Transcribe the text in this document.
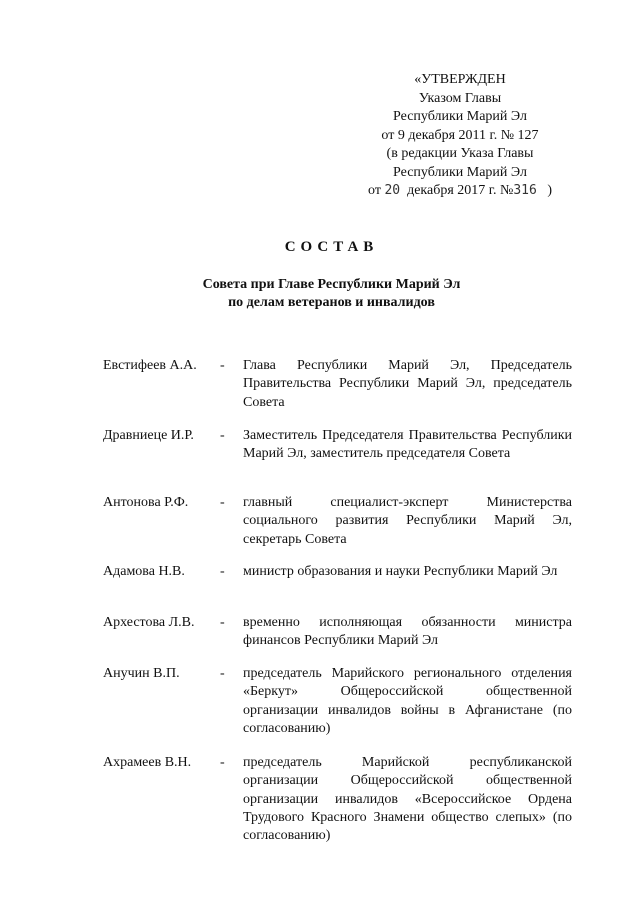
«УТВЕРЖДЕН
Указом Главы
Республики Марий Эл
от 9 декабря 2011 г. № 127
(в редакции Указа Главы
Республики Марий Эл
от 20 декабря 2017 г. №316 )
СОСТАВ
Совета при Главе Республики Марий Эл
по делам ветеранов и инвалидов
Евстифеев А.А. - Глава Республики Марий Эл, Председатель Правительства Республики Марий Эл, председатель Совета
Дравниеце И.Р. - Заместитель Председателя Правительства Республики Марий Эл, заместитель председателя Совета
Антонова Р.Ф. - главный специалист-эксперт Министерства социального развития Республики Марий Эл, секретарь Совета
Адамова Н.В.	- министр образования и науки Республики Марий Эл
Архестова Л.В. - временно исполняющая обязанности министра финансов Республики Марий Эл
Анучин В.П.	- председатель Марийского регионального отделения «Беркут» Общероссийской общественной организации инвалидов войны в Афганистане (по согласованию)
Ахрамеев В.Н. - председатель Марийской республиканской организации Общероссийской общественной организации инвалидов «Всероссийское Ордена Трудового Красного Знамени общество слепых» (по согласованию)
